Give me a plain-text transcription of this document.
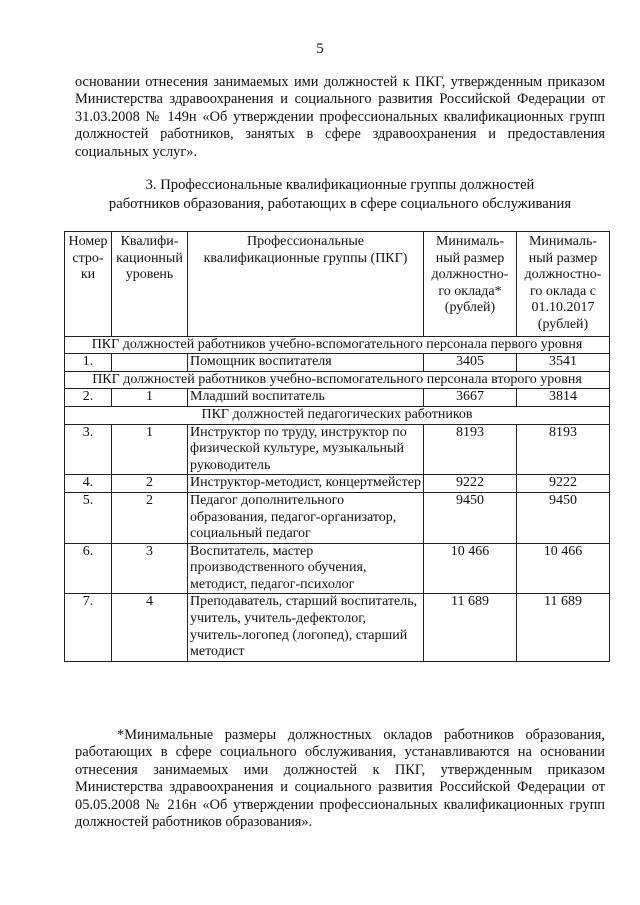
5
основании отнесения занимаемых ими должностей к ПКГ, утвержденным приказом Министерства здравоохранения и социального развития Российской Федерации от 31.03.2008 № 149н «Об утверждении профессиональных квалификационных групп должностей работников, занятых в сфере здравоохранения и предоставления социальных услуг».
3. Профессиональные квалификационные группы должностей
работников образования, работающих в сфере социального обслуживания
Номер стро-ки	Квалифи-кационный уровень	Профессиональные квалификационные группы (ПКГ)	Минималь-ный размер должностно-го оклада* (рублей)	Минималь-ный размер должностно-го оклада с 01.10.2017 (рублей)
ПКГ должностей работников учебно-вспомогательного персонала первого уровня				
1.		Помощник воспитателя	3405	3541
ПКГ должностей работников учебно-вспомогательного персонала второго уровня				
2.	1	Младший воспитатель	3667	3814
ПКГ должностей педагогических работников				
3.	1	Инструктор по труду, инструктор по физической культуре, музыкальный руководитель	8193	8193
4.	2	Инструктор-методист, концертмейстер	9222	9222
5.	2	Педагог дополнительного образования, педагог-организатор, социальный педагог	9450	9450
6.	3	Воспитатель, мастер производственного обучения, методист, педагог-психолог	10 466	10 466
7.	4	Преподаватель, старший воспитатель, учитель, учитель-дефектолог, учитель-логопед (логопед), старший методист	11 689	11 689
*Минимальные размеры должностных окладов работников образования, работающих в сфере социального обслуживания, устанавливаются на основании отнесения занимаемых ими должностей к ПКГ, утвержденным приказом Министерства здравоохранения и социального развития Российской Федерации от 05.05.2008 № 216н «Об утверждении профессиональных квалификационных групп должностей работников образования».
